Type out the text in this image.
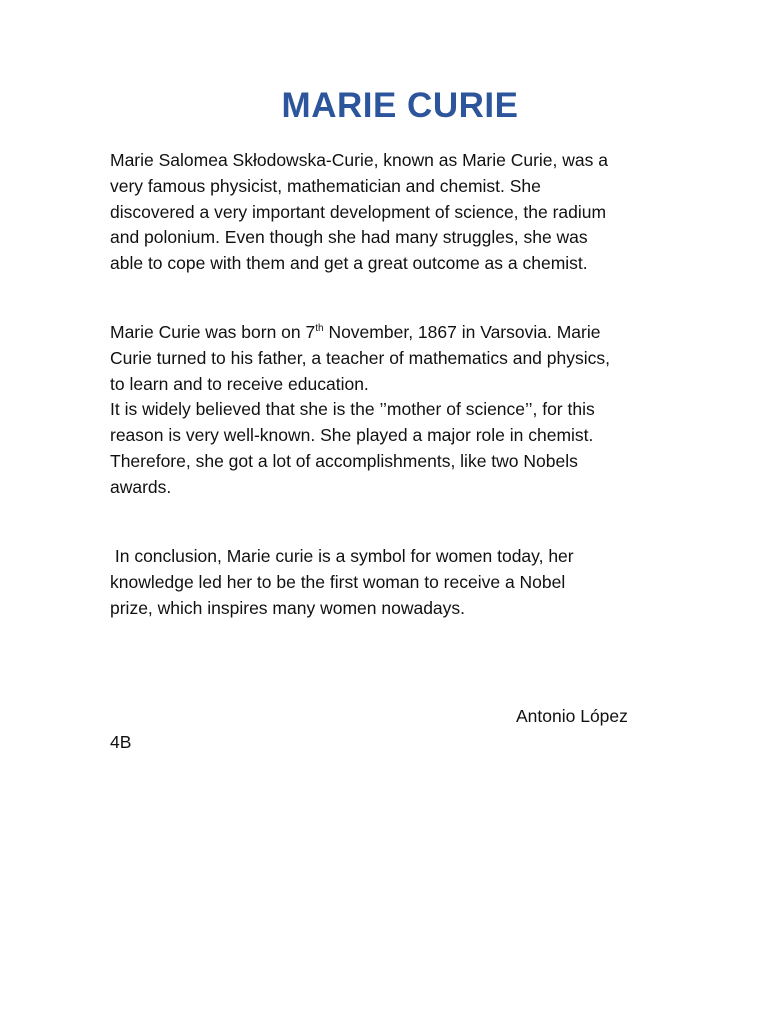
MARIE CURIE
Marie Salomea Skłodowska-Curie, known as Marie Curie, was a
very famous physicist, mathematician and chemist. She
discovered a very important development of science, the radium
and polonium. Even though she had many struggles, she was
able to cope with them and get a great outcome as a chemist.
Marie Curie was born on 7th November, 1867 in Varsovia. Marie
Curie turned to his father, a teacher of mathematics and physics,
to learn and to receive education.
It is widely believed that she is the ’’mother of science’’, for this
reason is very well-known. She played a major role in chemist.
Therefore, she got a lot of accomplishments, like two Nobels
awards.
In conclusion, Marie curie is a symbol for women today, her
knowledge led her to be the first woman to receive a Nobel
prize, which inspires many women nowadays.
Antonio López
4B
